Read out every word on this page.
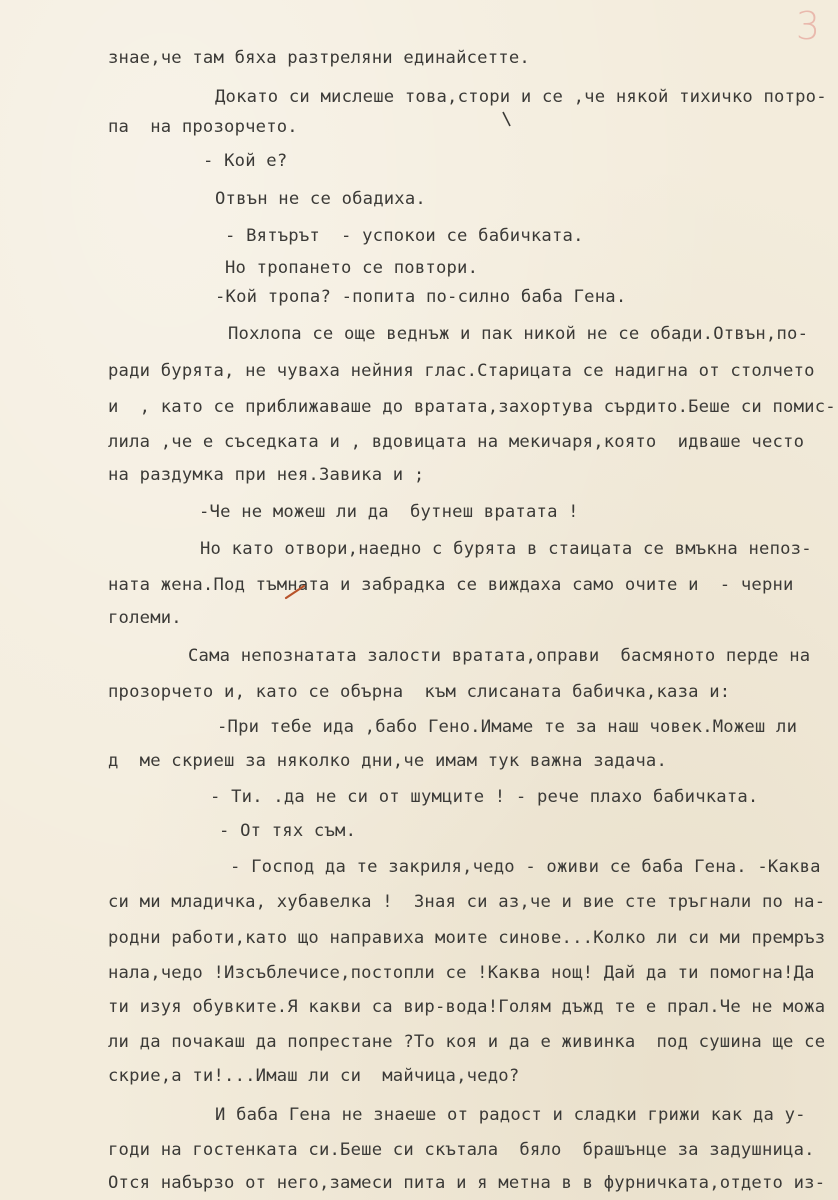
3
знае,че там бяха разтреляни единайсетте.
Докато си мислеше това,стори и се ,че някой тихичко потро-
па  на прозорчето.
- Кой е?
Отвън не се обадиха.
- Вятърът  - успокои се бабичката.
Но тропането се повтори.
-Кой тропа? -попита по-силно баба Гена.
Похлопа се още веднъж и пак никой не се обади.Отвън,по-
ради бурята, не чуваха нейния глас.Старицата се надигна от столчето
и  , като се приближаваше до вратата,захортува сърдито.Беше си помис-
лила ,че е съседката и , вдовицата на мекичаря,която  идваше често
на раздумка при нея.Завика и ;
-Че не можеш ли да  бутнеш вратата !
Но като отвори,наедно с бурята в стаицата се вмъкна непоз-
ната жена.Под тъмната и забрадка се виждаха само очите и  - черни
големи.
Сама непознатата залости вратата,оправи  басмяното перде на
прозорчето и, като се обърна  към слисаната бабичка,каза и:
-При тебе ида ,бабо Гено.Имаме те за наш човек.Можеш ли
д  ме скриеш за няколко дни,че имам тук важна задача.
- Ти. .да не си от шумците ! - рече плахо бабичката.
- От тях съм.
- Господ да те закриля,чедо - оживи се баба Гена. -Каква
си ми младичка, хубавелка !  Зная си аз,че и вие сте тръгнали по на-
родни работи,като що направиха моите синове...Колко ли си ми премръз
нала,чедо !Изсъблечисе,постопли се !Каква нощ! Дай да ти помогна!Да
ти изуя обувките.Я какви са вир-вода!Голям дъжд те е прал.Че не можа
ли да почакаш да попрестане ?То коя и да е живинка  под сушина ще се
скрие,а ти!...Имаш ли си  майчица,чедо?
И баба Гена не знаеше от радост и сладки грижи как да у-
годи на гостенката си.Беше си скътала  бяло  брашънце за задушница.
Отся набързо от него,замеси пита и я метна в в фурничката,отдето из-
